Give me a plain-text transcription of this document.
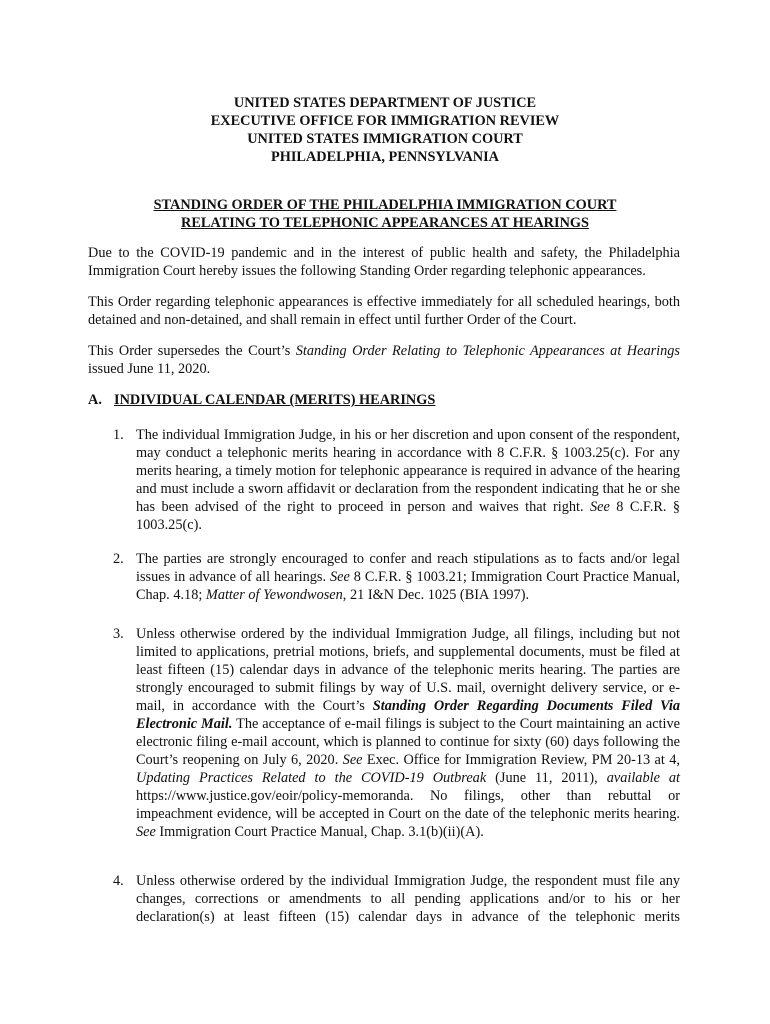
UNITED STATES DEPARTMENT OF JUSTICE
EXECUTIVE OFFICE FOR IMMIGRATION REVIEW
UNITED STATES IMMIGRATION COURT
PHILADELPHIA, PENNSYLVANIA
STANDING ORDER OF THE PHILADELPHIA IMMIGRATION COURT
RELATING TO TELEPHONIC APPEARANCES AT HEARINGS
Due to the COVID-19 pandemic and in the interest of public health and safety, the Philadelphia Immigration Court hereby issues the following Standing Order regarding telephonic appearances.
This Order regarding telephonic appearances is effective immediately for all scheduled hearings, both detained and non-detained, and shall remain in effect until further Order of the Court.
This Order supersedes the Court’s Standing Order Relating to Telephonic Appearances at Hearings issued June 11, 2020.
A. INDIVIDUAL CALENDAR (MERITS) HEARINGS
1. The individual Immigration Judge, in his or her discretion and upon consent of the respondent, may conduct a telephonic merits hearing in accordance with 8 C.F.R. § 1003.25(c). For any merits hearing, a timely motion for telephonic appearance is required in advance of the hearing and must include a sworn affidavit or declaration from the respondent indicating that he or she has been advised of the right to proceed in person and waives that right. See 8 C.F.R. § 1003.25(c).
2. The parties are strongly encouraged to confer and reach stipulations as to facts and/or legal issues in advance of all hearings. See 8 C.F.R. § 1003.21; Immigration Court Practice Manual, Chap. 4.18; Matter of Yewondwosen, 21 I&N Dec. 1025 (BIA 1997).
3. Unless otherwise ordered by the individual Immigration Judge, all filings, including but not limited to applications, pretrial motions, briefs, and supplemental documents, must be filed at least fifteen (15) calendar days in advance of the telephonic merits hearing. The parties are strongly encouraged to submit filings by way of U.S. mail, overnight delivery service, or e-mail, in accordance with the Court’s Standing Order Regarding Documents Filed Via Electronic Mail. The acceptance of e-mail filings is subject to the Court maintaining an active electronic filing e-mail account, which is planned to continue for sixty (60) days following the Court’s reopening on July 6, 2020. See Exec. Office for Immigration Review, PM 20-13 at 4, Updating Practices Related to the COVID-19 Outbreak (June 11, 2011), available at https://www.justice.gov/eoir/policy-memoranda. No filings, other than rebuttal or impeachment evidence, will be accepted in Court on the date of the telephonic merits hearing. See Immigration Court Practice Manual, Chap. 3.1(b)(ii)(A).
4. Unless otherwise ordered by the individual Immigration Judge, the respondent must file any changes, corrections or amendments to all pending applications and/or to his or her declaration(s) at least fifteen (15) calendar days in advance of the telephonic merits
